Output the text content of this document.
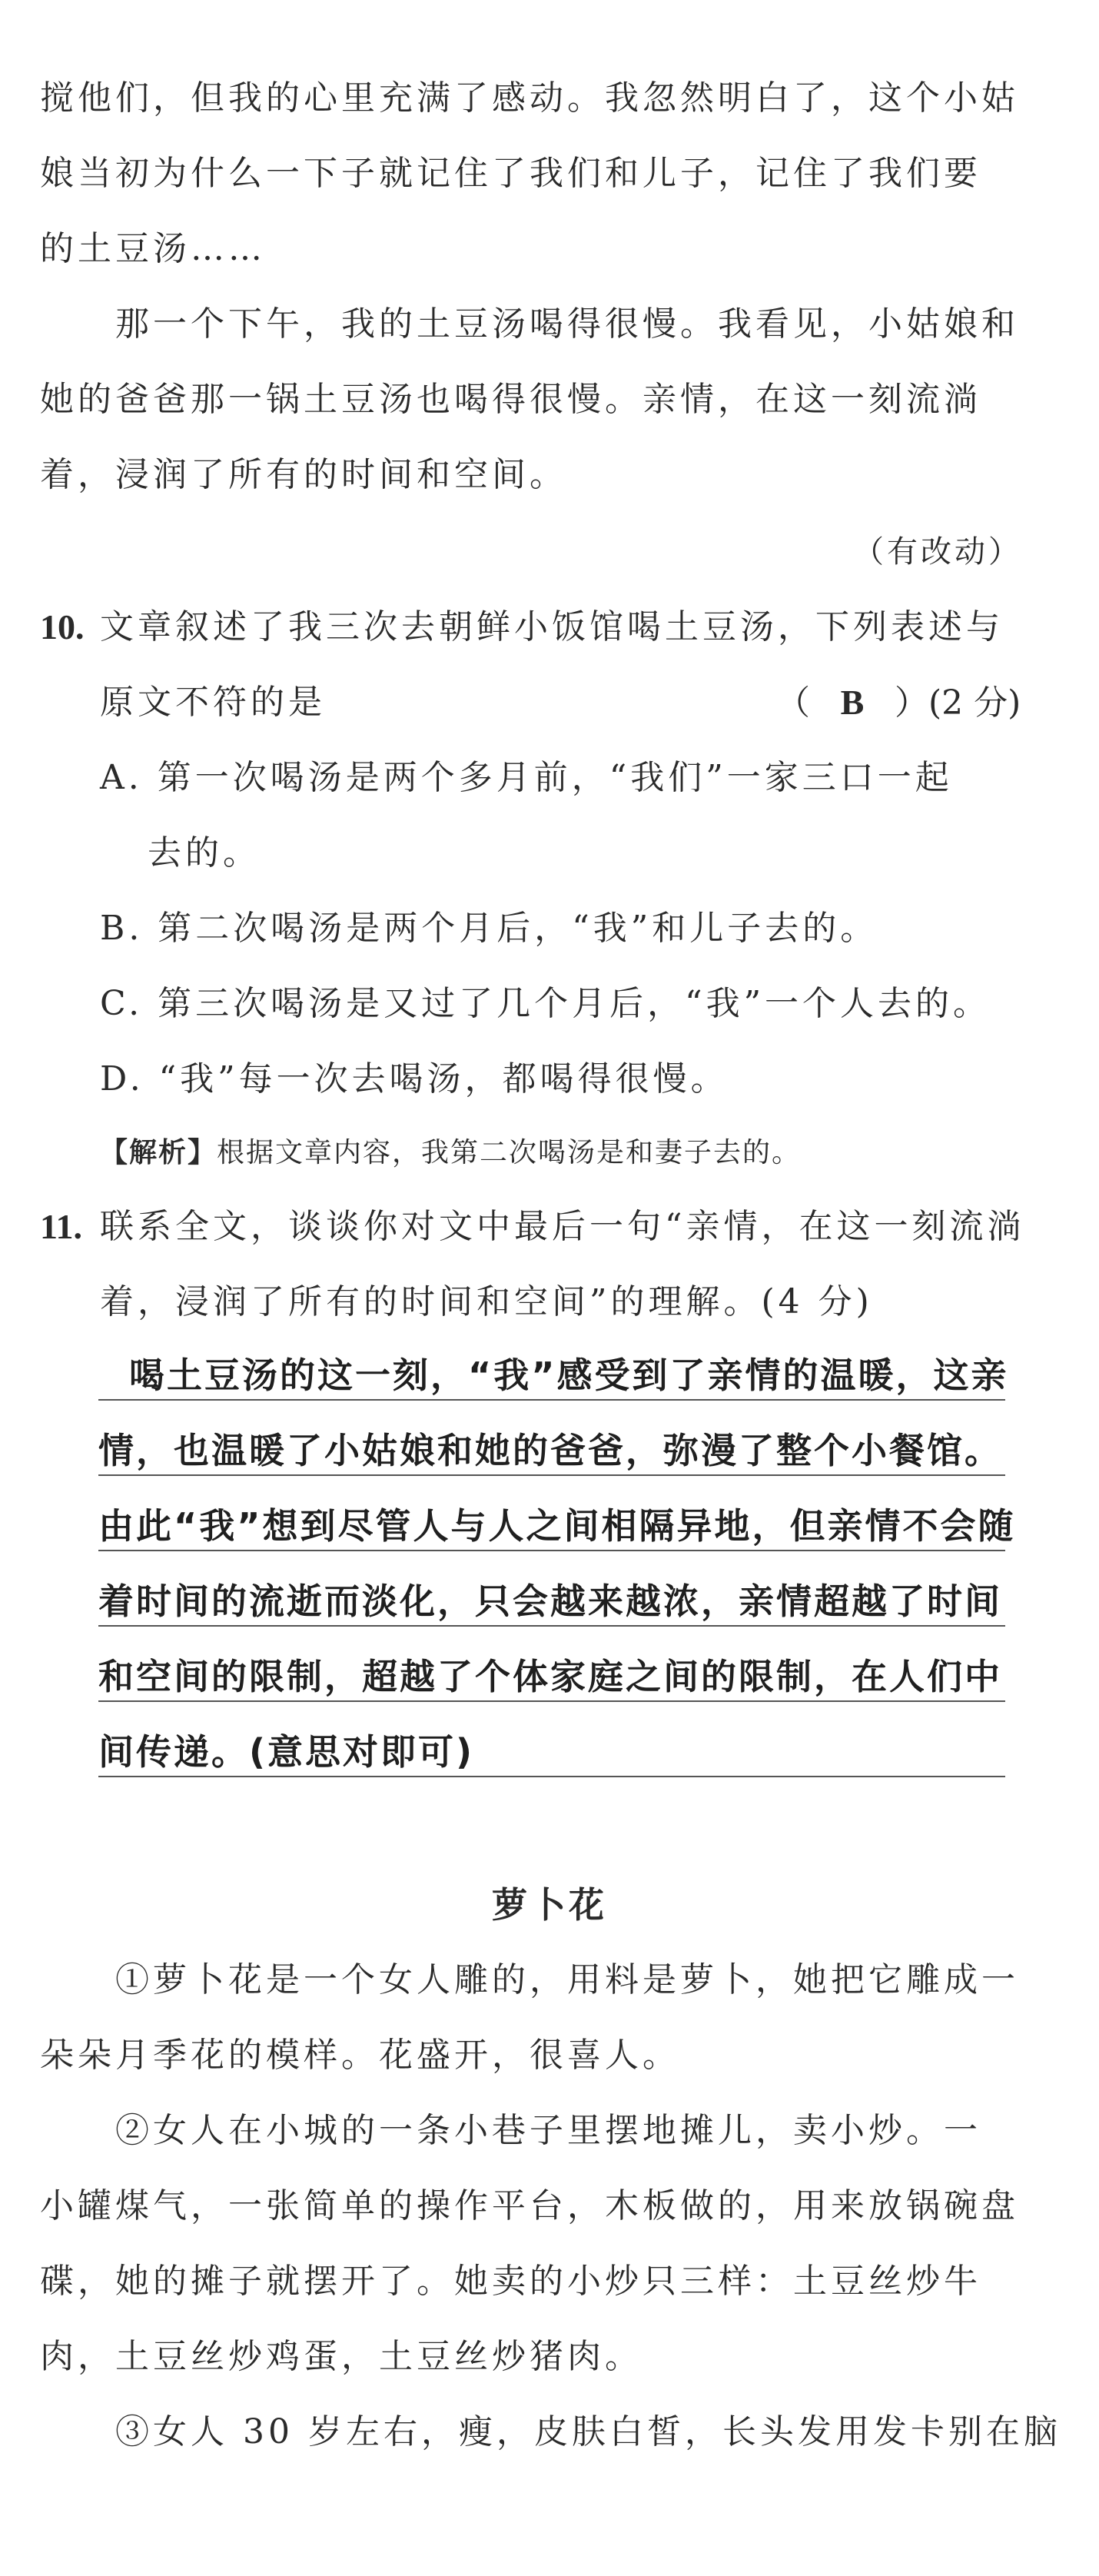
搅他们，但我的心里充满了感动。我忽然明白了，这个小姑
娘当初为什么一下子就记住了我们和儿子，记住了我们要
的土豆汤……
那一个下午，我的土豆汤喝得很慢。我看见，小姑娘和
她的爸爸那一锅土豆汤也喝得很慢。亲情，在这一刻流淌
着，浸润了所有的时间和空间。
（有改动）
10. 文章叙述了我三次去朝鲜小饭馆喝土豆汤，下列表述与
原文不符的是	（ B ）(2 分)
A. 第一次喝汤是两个多月前，“我们”一家三口一起
去的。
B. 第二次喝汤是两个月后，“我”和儿子去的。
C. 第三次喝汤是又过了几个月后，“我”一个人去的。
D. “我”每一次去喝汤，都喝得很慢。
【解析】根据文章内容，我第二次喝汤是和妻子去的。
11. 联系全文，谈谈你对文中最后一句“亲情，在这一刻流淌
着，浸润了所有的时间和空间”的理解。(4 分)
喝土豆汤的这一刻，“我”感受到了亲情的温暖，这亲
情，也温暖了小姑娘和她的爸爸，弥漫了整个小餐馆。
由此“我”想到尽管人与人之间相隔异地，但亲情不会随
着时间的流逝而淡化，只会越来越浓，亲情超越了时间
和空间的限制，超越了个体家庭之间的限制，在人们中
间传递。(意思对即可)
萝卜花
①萝卜花是一个女人雕的，用料是萝卜，她把它雕成一
朵朵月季花的模样。花盛开，很喜人。
②女人在小城的一条小巷子里摆地摊儿，卖小炒。一
小罐煤气，一张简单的操作平台，木板做的，用来放锅碗盘
碟，她的摊子就摆开了。她卖的小炒只三样：土豆丝炒牛
肉，土豆丝炒鸡蛋，土豆丝炒猪肉。
③女人 30 岁左右，瘦，皮肤白皙，长头发用发卡别在脑
